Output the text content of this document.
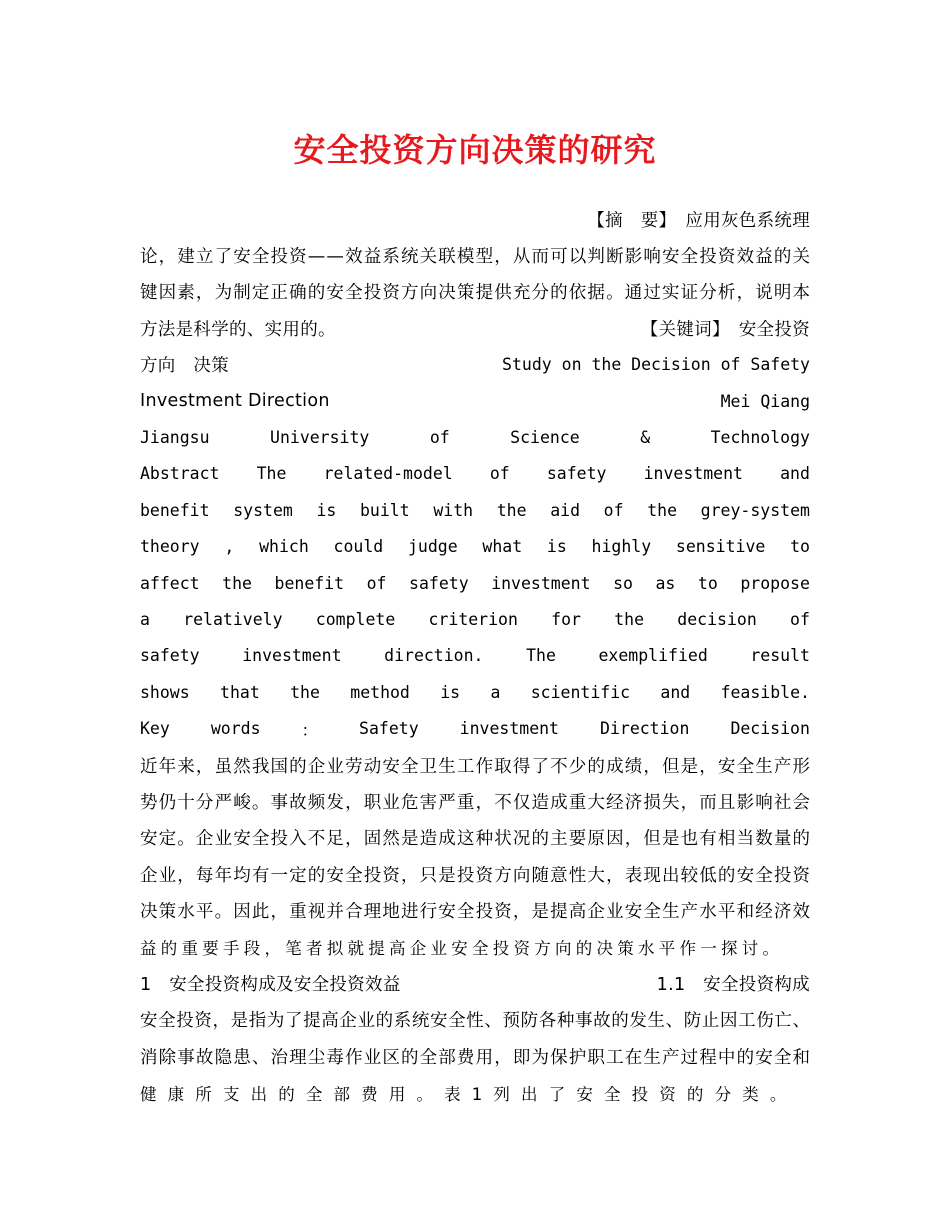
安全投资方向决策的研究
【摘　要】　应用灰色系统理
论，建立了安全投资——效益系统关联模型，从而可以判断影响安全投资效益的关
键因素，为制定正确的安全投资方向决策提供充分的依据。通过实证分析，说明本
方法是科学的、实用的。	【关键词】　安全投资
方向　决策	Study on the Decision of Safety
Investment Direction	Mei Qiang
Jiangsu	University	of	Science	&	Technology
Abstract The related-model of safety investment and
benefit system is built with the aid of the grey-system
theory , which could judge what is highly sensitive to
affect the benefit of safety investment so as to propose
a relatively complete criterion for the decision of
safety	investment	direction.	The	exemplified	result
shows that the method is a scientific and feasible.
Key words ： Safety investment Direction Decision
近年来，虽然我国的企业劳动安全卫生工作取得了不少的成绩，但是，安全生产形
势仍十分严峻。事故频发，职业危害严重，不仅造成重大经济损失，而且影响社会
安定。企业安全投入不足，固然是造成这种状况的主要原因，但是也有相当数量的
企业，每年均有一定的安全投资，只是投资方向随意性大，表现出较低的安全投资
决策水平。因此，重视并合理地进行安全投资，是提高企业安全生产水平和经济效
益的重要手段，笔者拟就提高企业安全投资方向的决策水平作一探讨。
1　安全投资构成及安全投资效益	1.1　安全投资构成
安全投资，是指为了提高企业的系统安全性、预防各种事故的发生、防止因工伤亡、
消除事故隐患、治理尘毒作业区的全部费用，即为保护职工在生产过程中的安全和
健康所支出的全部费用。表1列出了安全投资的分类。
